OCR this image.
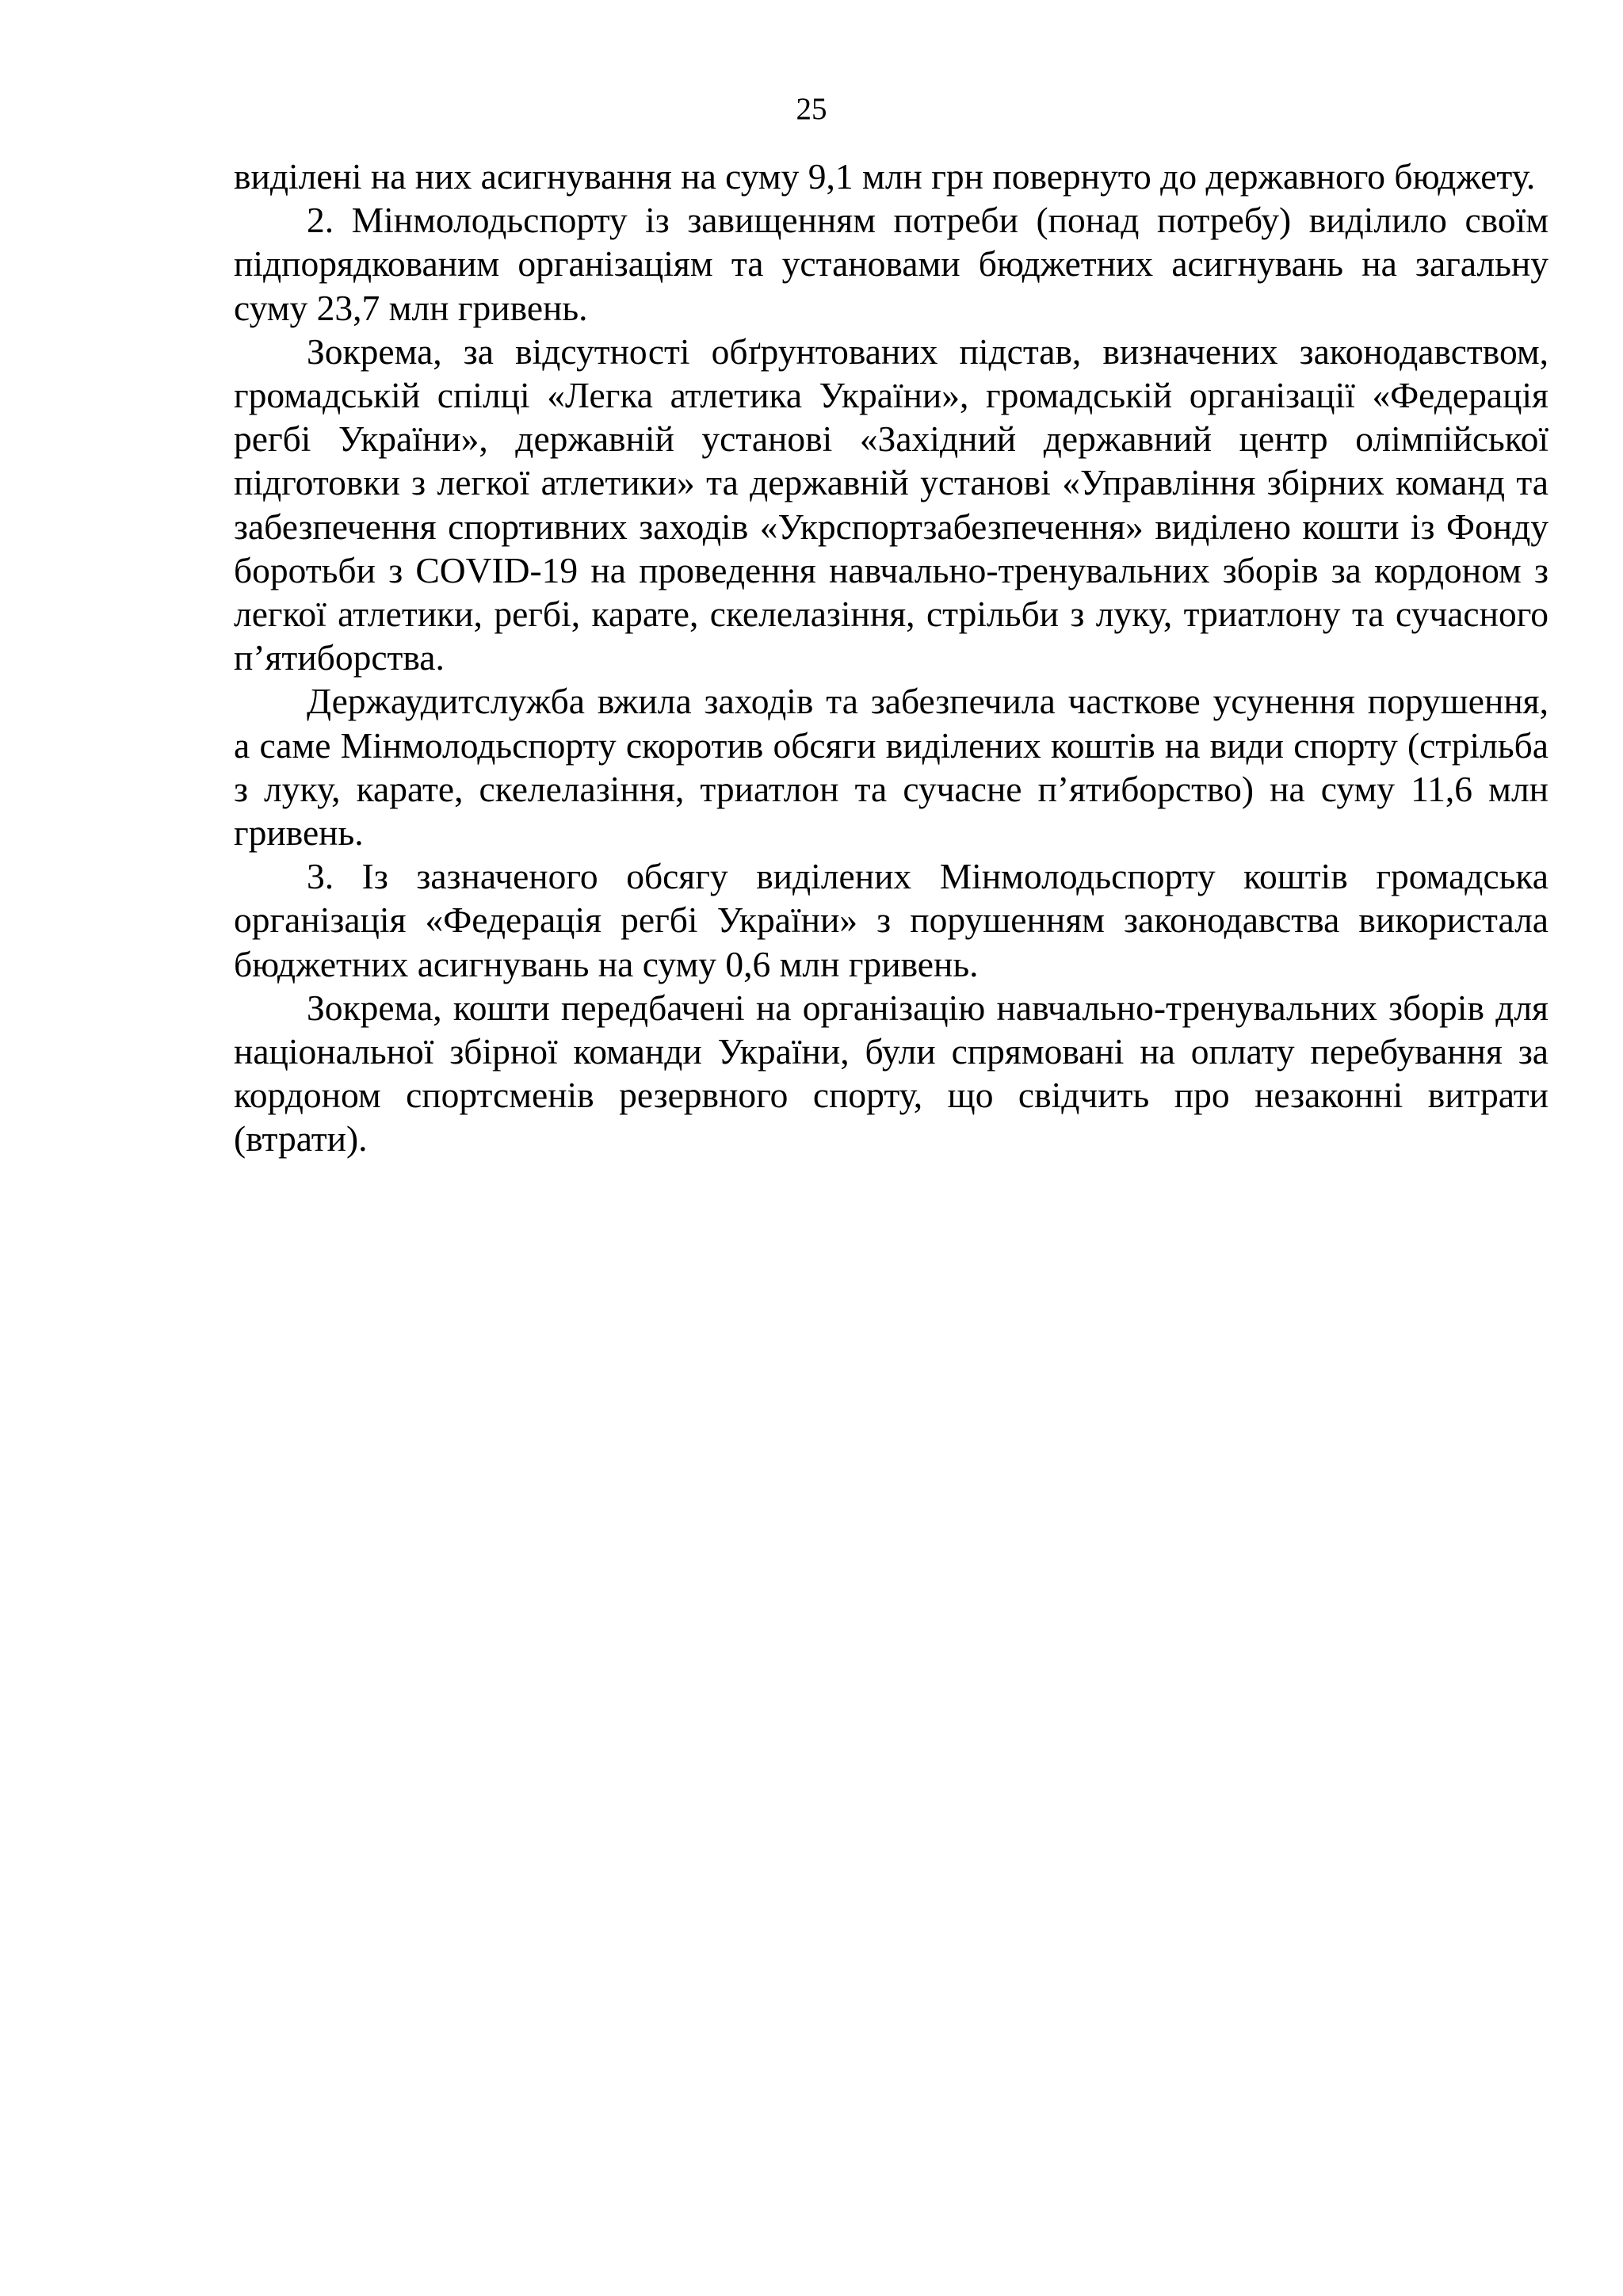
25

виділені на них асигнування на суму 9,1 млн грн повернуто до державного бюджету.

2. Мінмолодьспорту із завищенням потреби (понад потребу) виділило своїм підпорядкованим організаціям та установами бюджетних асигнувань на загальну суму 23,7 млн гривень.

Зокрема, за відсутності обґрунтованих підстав, визначених законодавством, громадській спілці «Легка атлетика України», громадській організації «Федерація регбі України», державній установі «Західний державний центр олімпійської підготовки з легкої атлетики» та державній установі «Управління збірних команд та забезпечення спортивних заходів «Укрспортзабезпечення» виділено кошти із Фонду боротьби з COVID-19 на проведення навчально-тренувальних зборів за кордоном з легкої атлетики, регбі, карате, скелелазіння, стрільби з луку, триатлону та сучасного п’ятиборства.

Держаудитслужба вжила заходів та забезпечила часткове усунення порушення, а саме Мінмолодьспорту скоротив обсяги виділених коштів на види спорту (стрільба з луку, карате, скелелазіння, триатлон та сучасне п’ятиборство) на суму 11,6 млн гривень.

3. Із зазначеного обсягу виділених Мінмолодьспорту коштів громадська організація «Федерація регбі України» з порушенням законодавства використала бюджетних асигнувань на суму 0,6 млн гривень.

Зокрема, кошти передбачені на організацію навчально-тренувальних зборів для національної збірної команди України, були спрямовані на оплату перебування за кордоном спортсменів резервного спорту, що свідчить про незаконні витрати (втрати).
